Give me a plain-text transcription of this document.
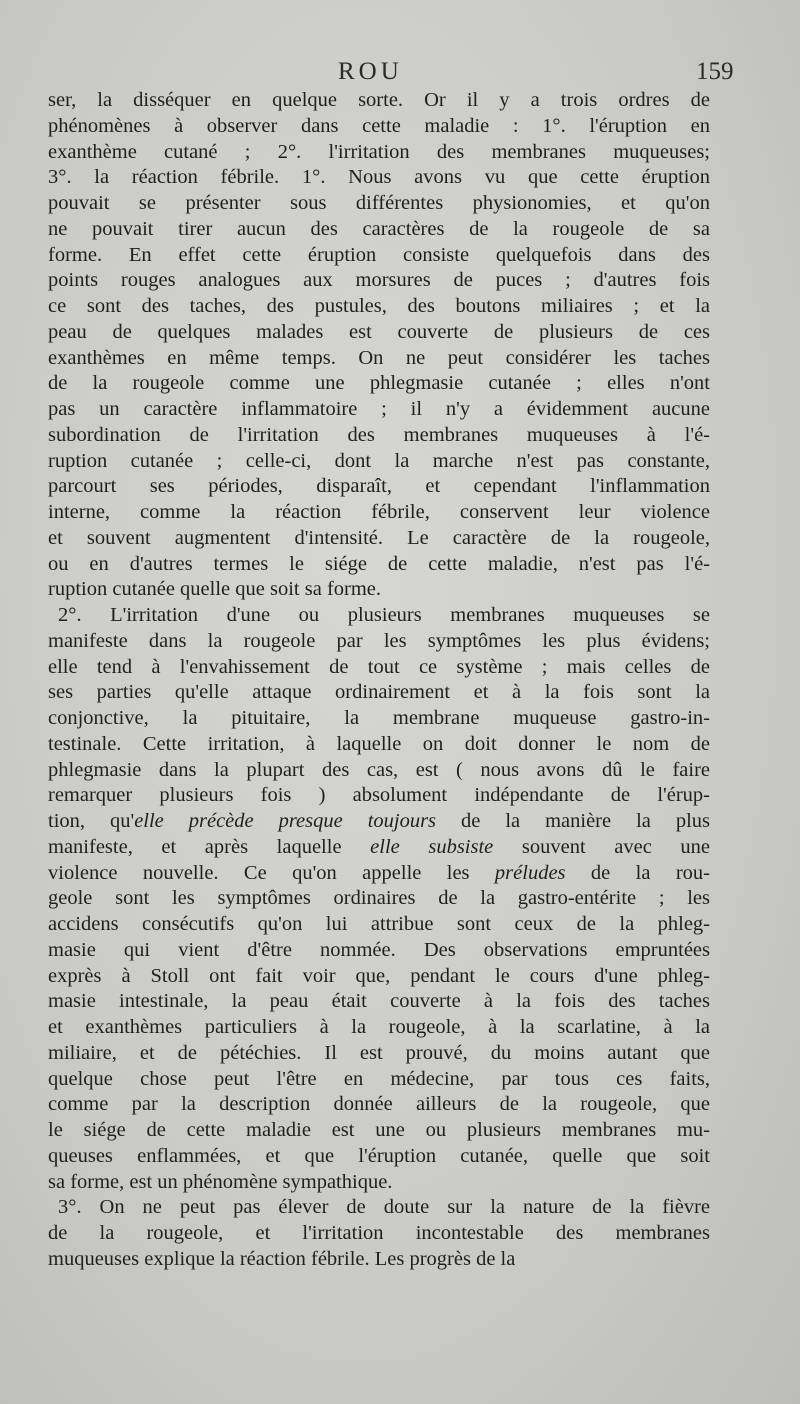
ROU	159
ser, la disséquer en quelque sorte. Or il y a trois ordres de
phénomènes à observer dans cette maladie : 1°. l'éruption en
exanthème cutané ; 2°. l'irritation des membranes muqueuses;
3°. la réaction fébrile. 1°. Nous avons vu que cette éruption
pouvait se présenter sous différentes physionomies, et qu'on
ne pouvait tirer aucun des caractères de la rougeole de sa
forme. En effet cette éruption consiste quelquefois dans des
points rouges analogues aux morsures de puces ; d'autres fois
ce sont des taches, des pustules, des boutons miliaires ; et la
peau de quelques malades est couverte de plusieurs de ces
exanthèmes en même temps. On ne peut considérer les taches
de la rougeole comme une phlegmasie cutanée ; elles n'ont
pas un caractère inflammatoire ; il n'y a évidemment aucune
subordination de l'irritation des membranes muqueuses à l'é-
ruption cutanée ; celle-ci, dont la marche n'est pas constante,
parcourt ses périodes, disparaît, et cependant l'inflammation
interne, comme la réaction fébrile, conservent leur violence
et souvent augmentent d'intensité. Le caractère de la rougeole,
ou en d'autres termes le siége de cette maladie, n'est pas l'é-
ruption cutanée quelle que soit sa forme.
2°. L'irritation d'une ou plusieurs membranes muqueuses se
manifeste dans la rougeole par les symptômes les plus évidens;
elle tend à l'envahissement de tout ce système ; mais celles de
ses parties qu'elle attaque ordinairement et à la fois sont la
conjonctive, la pituitaire, la membrane muqueuse gastro-in-
testinale. Cette irritation, à laquelle on doit donner le nom de
phlegmasie dans la plupart des cas, est ( nous avons dû le faire
remarquer plusieurs fois ) absolument indépendante de l'érup-
tion, qu'elle précède presque toujours de la manière la plus
manifeste, et après laquelle elle subsiste souvent avec une
violence nouvelle. Ce qu'on appelle les préludes de la rou-
geole sont les symptômes ordinaires de la gastro-entérite ; les
accidens consécutifs qu'on lui attribue sont ceux de la phleg-
masie qui vient d'être nommée. Des observations empruntées
exprès à Stoll ont fait voir que, pendant le cours d'une phleg-
masie intestinale, la peau était couverte à la fois des taches
et exanthèmes particuliers à la rougeole, à la scarlatine, à la
miliaire, et de pétéchies. Il est prouvé, du moins autant que
quelque chose peut l'être en médecine, par tous ces faits,
comme par la description donnée ailleurs de la rougeole, que
le siége de cette maladie est une ou plusieurs membranes mu-
queuses enflammées, et que l'éruption cutanée, quelle que soit
sa forme, est un phénomène sympathique.
3°. On ne peut pas élever de doute sur la nature de la fièvre
de la rougeole, et l'irritation incontestable des membranes
muqueuses explique la réaction fébrile. Les progrès de la
